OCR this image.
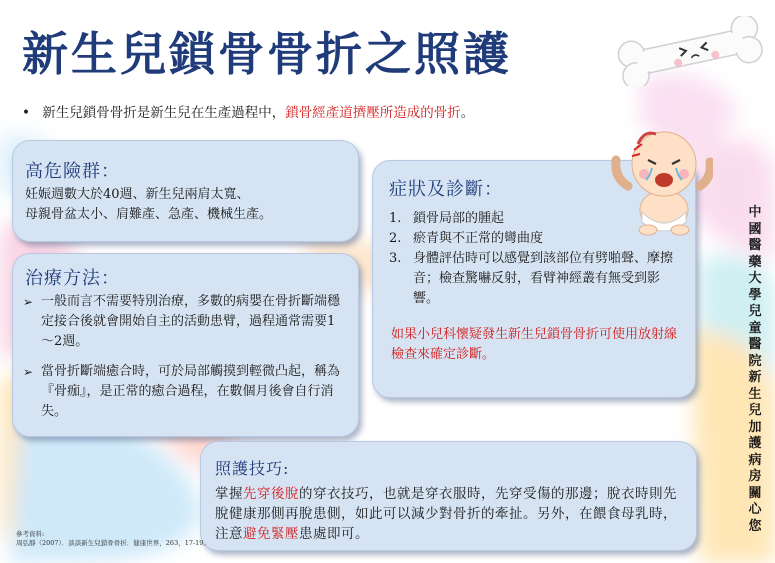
新生兒鎖骨骨折之照護
• 新生兒鎖骨骨折是新生兒在生產過程中，鎖骨經產道擠壓所造成的骨折。
高危險群：

妊娠週數大於40週、新生兒兩肩太寬、
母親骨盆太小、肩難產、急產、機械生產。

治療方法：
➢ 一般而言不需要特別治療，多數的病嬰在骨折斷端穩定接合後就會開始自主的活動患臂，過程通常需要1～2週。
➢ 當骨折斷端癒合時，可於局部觸摸到輕微凸起，稱為『骨痂』，是正常的癒合過程，在數個月後會自行消失。
症狀及診斷：
1. 鎖骨局部的腫起
2. 瘀青與不正常的彎曲度
3. 身體評估時可以感覺到該部位有劈啪聲、摩擦音；檢查驚嚇反射，看臂神經叢有無受到影響。
如果小兒科懷疑發生新生兒鎖骨骨折可使用放射線檢查來確定診斷。
照護技巧:

掌握先穿後脫的穿衣技巧，也就是穿衣服時，先穿受傷的那邊；脫衣時則先脫健康那側再脫患側，如此可以減少對骨折的牽扯。另外，在餵食母乳時，注意避免緊壓患處即可。

中國醫藥大學兒童醫院新生兒加護病房關心您
參考資料:
周弘靜（2007）．談談新生兒鎖骨骨折．健康世界，263，17-19。
